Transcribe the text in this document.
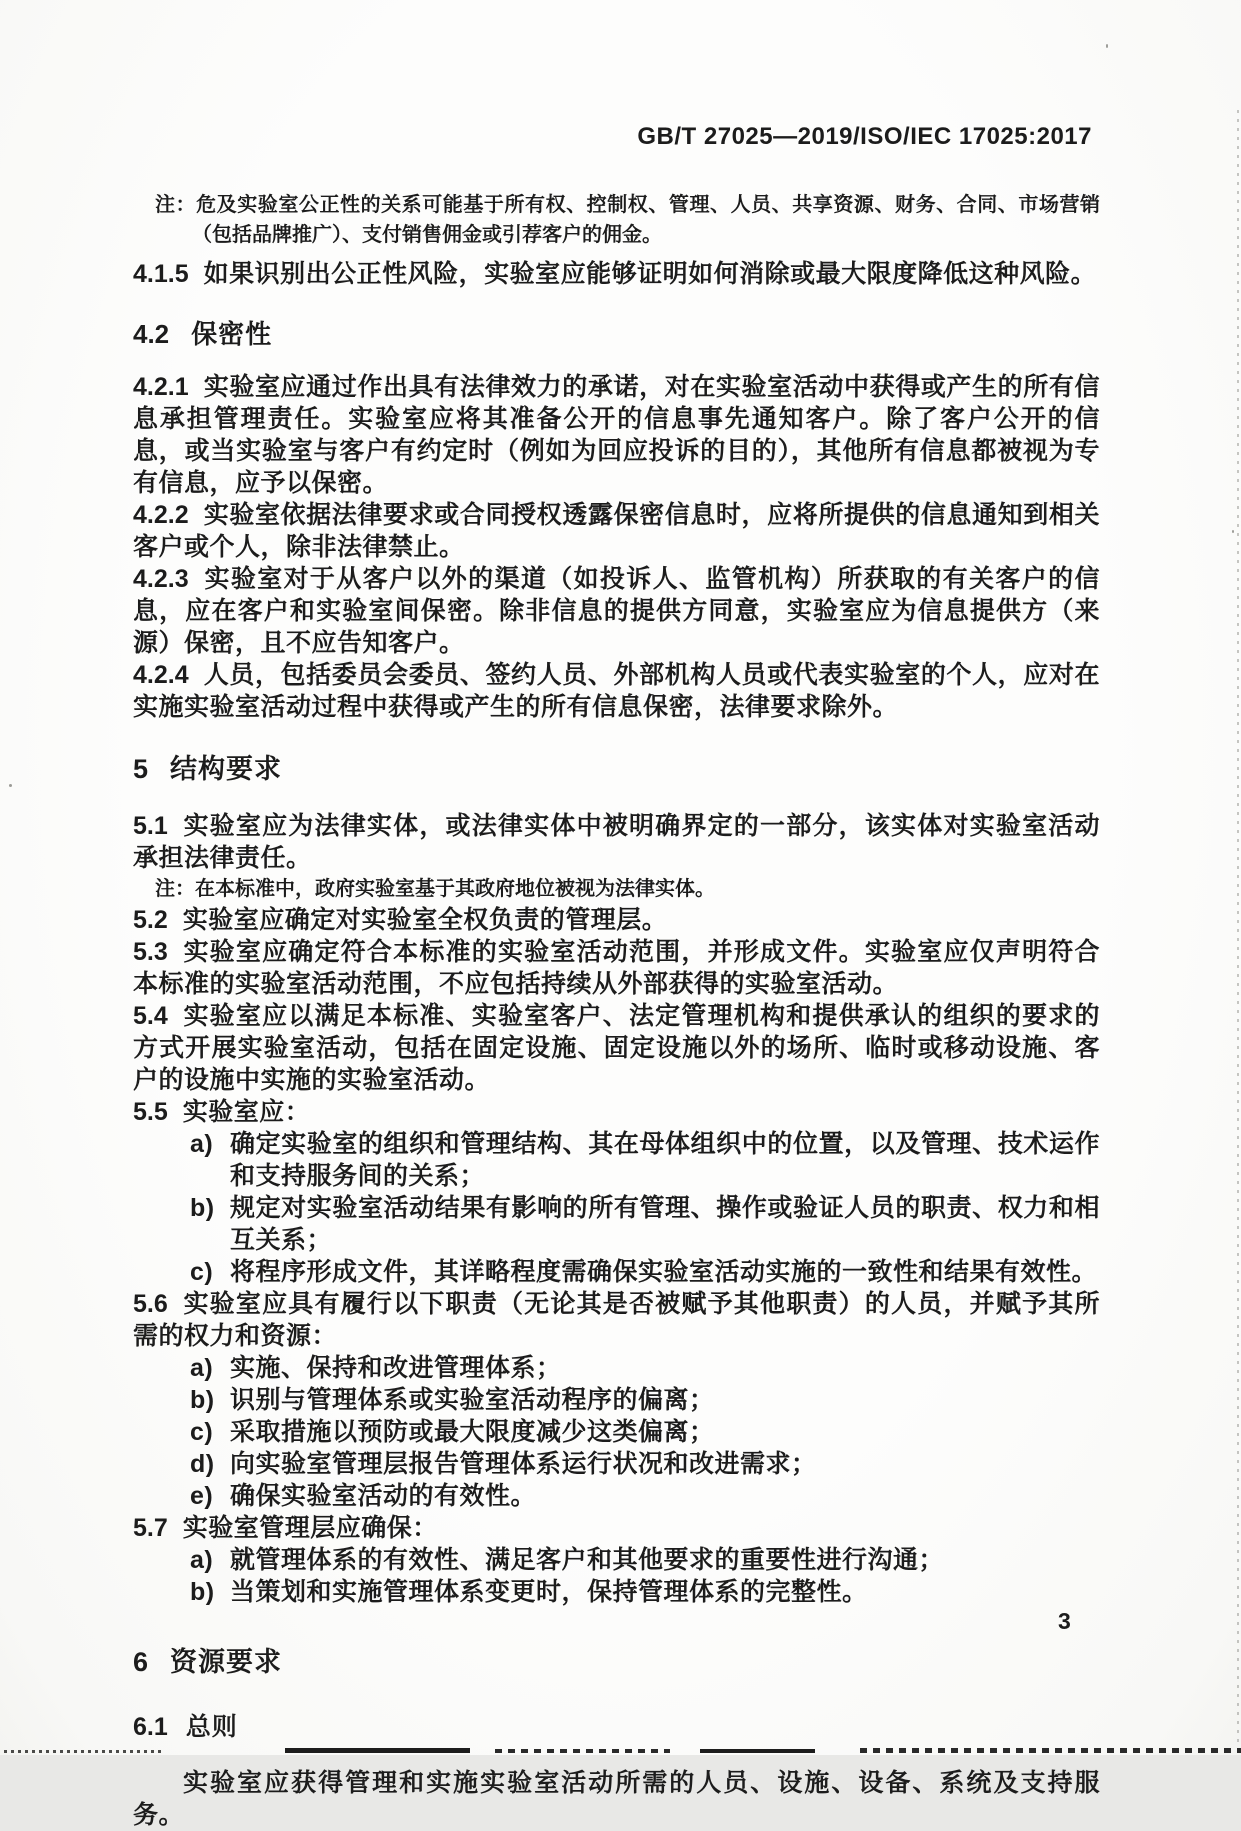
GB/T 27025—2019/ISO/IEC 17025:2017

注：危及实验室公正性的关系可能基于所有权、控制权、管理、人员、共享资源、财务、合同、市场营销（包括品牌推广）、支付销售佣金或引荐客户的佣金。

4.1.5 如果识别出公正性风险，实验室应能够证明如何消除或最大限度降低这种风险。

4.2 保密性

4.2.1 实验室应通过作出具有法律效力的承诺，对在实验室活动中获得或产生的所有信息承担管理责任。实验室应将其准备公开的信息事先通知客户。除了客户公开的信息，或当实验室与客户有约定时（例如为回应投诉的目的），其他所有信息都被视为专有信息，应予以保密。

4.2.2 实验室依据法律要求或合同授权透露保密信息时，应将所提供的信息通知到相关客户或个人，除非法律禁止。

4.2.3 实验室对于从客户以外的渠道（如投诉人、监管机构）所获取的有关客户的信息，应在客户和实验室间保密。除非信息的提供方同意，实验室应为信息提供方（来源）保密，且不应告知客户。

4.2.4 人员，包括委员会委员、签约人员、外部机构人员或代表实验室的个人，应对在实施实验室活动过程中获得或产生的所有信息保密，法律要求除外。

5 结构要求

5.1 实验室应为法律实体，或法律实体中被明确界定的一部分，该实体对实验室活动承担法律责任。

注：在本标准中，政府实验室基于其政府地位被视为法律实体。

5.2 实验室应确定对实验室全权负责的管理层。

5.3 实验室应确定符合本标准的实验室活动范围，并形成文件。实验室应仅声明符合本标准的实验室活动范围，不应包括持续从外部获得的实验室活动。

5.4 实验室应以满足本标准、实验室客户、法定管理机构和提供承认的组织的要求的方式开展实验室活动，包括在固定设施、固定设施以外的场所、临时或移动设施、客户的设施中实施的实验室活动。

5.5 实验室应：

a) 确定实验室的组织和管理结构、其在母体组织中的位置，以及管理、技术运作和支持服务间的关系；

b) 规定对实验室活动结果有影响的所有管理、操作或验证人员的职责、权力和相互关系；

c) 将程序形成文件，其详略程度需确保实验室活动实施的一致性和结果有效性。

5.6 实验室应具有履行以下职责（无论其是否被赋予其他职责）的人员，并赋予其所需的权力和资源：

a) 实施、保持和改进管理体系；

b) 识别与管理体系或实验室活动程序的偏离；

c) 采取措施以预防或最大限度减少这类偏离；

d) 向实验室管理层报告管理体系运行状况和改进需求；

e) 确保实验室活动的有效性。

5.7 实验室管理层应确保：

a) 就管理体系的有效性、满足客户和其他要求的重要性进行沟通；

b) 当策划和实施管理体系变更时，保持管理体系的完整性。

6 资源要求

6.1 总则

实验室应获得管理和实施实验室活动所需的人员、设施、设备、系统及支持服务。

3
